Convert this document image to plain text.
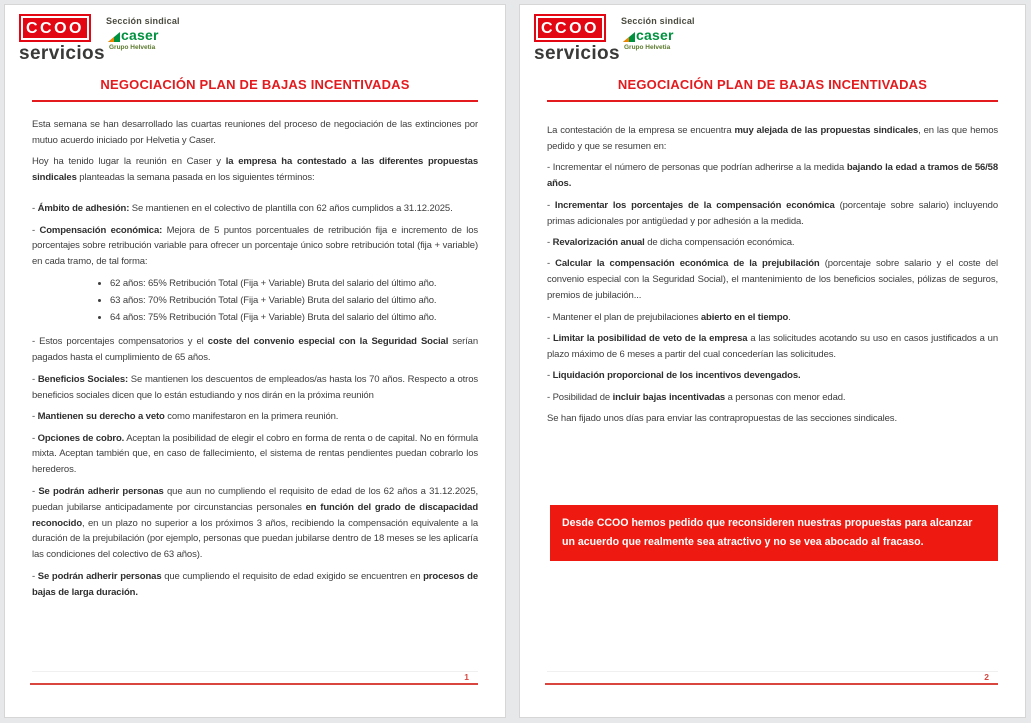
CCOO
servicios
Sección sindical
caser
Grupo Helvetia
NEGOCIACIÓN PLAN DE BAJAS INCENTIVADAS

Esta semana se han desarrollado las cuartas reuniones del proceso de negociación de las extinciones por mutuo acuerdo iniciado por Helvetia y Caser.

Hoy ha tenido lugar la reunión en Caser y la empresa ha contestado a las diferentes propuestas sindicales planteadas la semana pasada en los siguientes términos:

- Ámbito de adhesión: Se mantienen en el colectivo de plantilla con 62 años cumplidos a 31.12.2025.

- Compensación económica: Mejora de 5 puntos porcentuales de retribución fija e incremento de los porcentajes sobre retribución variable para ofrecer un porcentaje único sobre retribución total (fija + variable) en cada tramo, de tal forma:

• 62 años: 65% Retribución Total (Fija + Variable) Bruta del salario del último año.
• 63 años: 70% Retribución Total (Fija + Variable) Bruta del salario del último año.
• 64 años: 75% Retribución Total (Fija + Variable) Bruta del salario del último año.

- Estos porcentajes compensatorios y el coste del convenio especial con la Seguridad Social serían pagados hasta el cumplimiento de 65 años.

- Beneficios Sociales: Se mantienen los descuentos de empleados/as hasta los 70 años. Respecto a otros beneficios sociales dicen que lo están estudiando y nos dirán en la próxima reunión

- Mantienen su derecho a veto como manifestaron en la primera reunión.

- Opciones de cobro. Aceptan la posibilidad de elegir el cobro en forma de renta o de capital. No en fórmula mixta. Aceptan también que, en caso de fallecimiento, el sistema de rentas pendientes puedan cobrarlo los herederos.

- Se podrán adherir personas que aun no cumpliendo el requisito de edad de los 62 años a 31.12.2025, puedan jubilarse anticipadamente por circunstancias personales en función del grado de discapacidad reconocido, en un plazo no superior a los próximos 3 años, recibiendo la compensación equivalente a la duración de la prejubilación (por ejemplo, personas que puedan jubilarse dentro de 18 meses se les aplicaría las condiciones del colectivo de 63 años).

- Se podrán adherir personas que cumpliendo el requisito de edad exigido se encuentren en procesos de bajas de larga duración.

1
CCOO
servicios
Sección sindical
caser
Grupo Helvetia
NEGOCIACIÓN PLAN DE BAJAS INCENTIVADAS

La contestación de la empresa se encuentra muy alejada de las propuestas sindicales, en las que hemos pedido y que se resumen en:

- Incrementar el número de personas que podrían adherirse a la medida bajando la edad a tramos de 56/58 años.

- Incrementar los porcentajes de la compensación económica (porcentaje sobre salario) incluyendo primas adicionales por antigüedad y por adhesión a la medida.

- Revalorización anual de dicha compensación económica.

- Calcular la compensación económica de la prejubilación (porcentaje sobre salario y el coste del convenio especial con la Seguridad Social), el mantenimiento de los beneficios sociales, pólizas de seguros, premios de jubilación...

- Mantener el plan de prejubilaciones abierto en el tiempo.

- Limitar la posibilidad de veto de la empresa a las solicitudes acotando su uso en casos justificados a un plazo máximo de 6 meses a partir del cual concederían las solicitudes.

- Liquidación proporcional de los incentivos devengados.

- Posibilidad de incluir bajas incentivadas a personas con menor edad.

Se han fijado unos días para enviar las contrapropuestas de las secciones sindicales.

Desde CCOO hemos pedido que reconsideren nuestras propuestas para alcanzar un acuerdo que realmente sea atractivo y no se vea abocado al fracaso.
2
